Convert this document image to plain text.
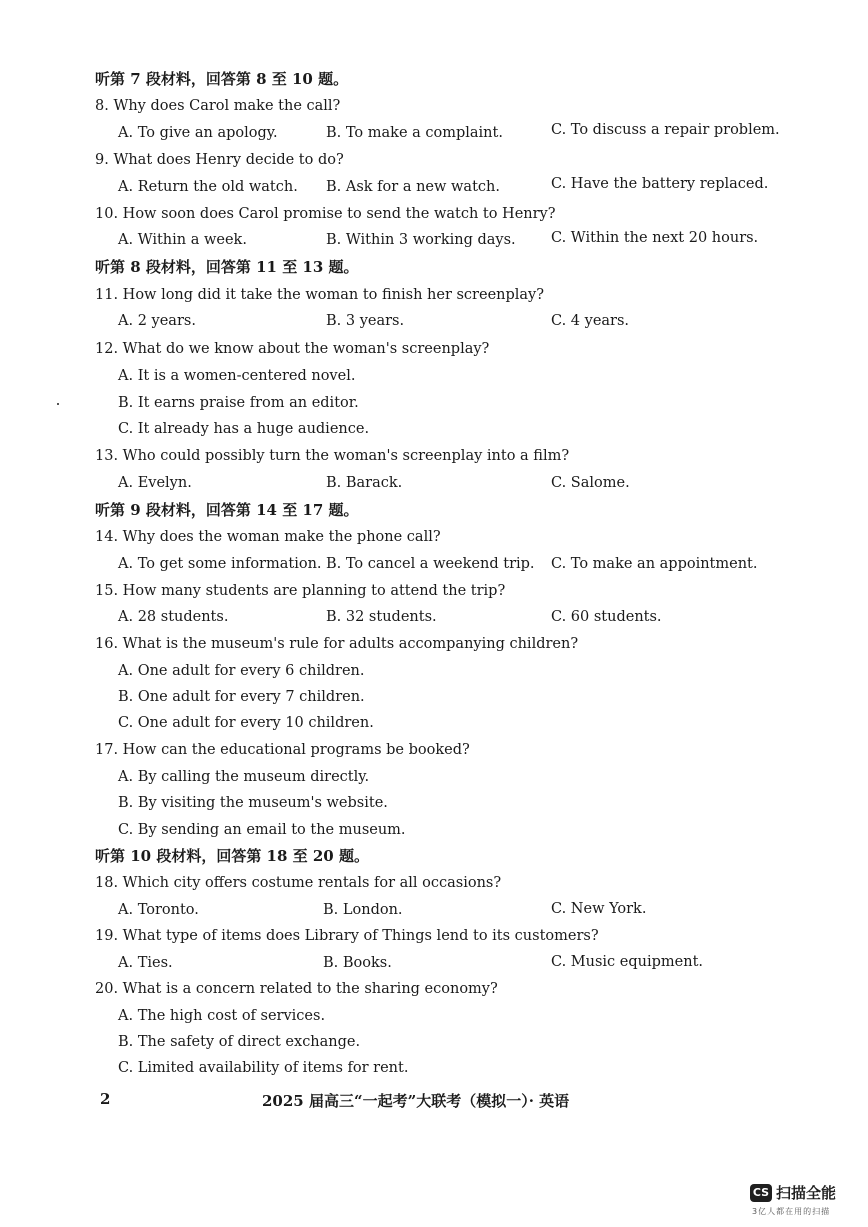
听第 7 段材料，回答第 8 至 10 题。
8. Why does Carol make the call?
A. To give an apology.	B. To make a complaint.	C. To discuss a repair problem.
9. What does Henry decide to do?
A. Return the old watch. B. Ask for a new watch.	C. Have the battery replaced.
10. How soon does Carol promise to send the watch to Henry?
A. Within a week.	B. Within 3 working days. C. Within the next 20 hours.
听第 8 段材料，回答第 11 至 13 题。
11. How long did it take the woman to finish her screenplay?
A. 2 years.	B. 3 years.	C. 4 years.
12. What do we know about the woman's screenplay?
A. It is a women-centered novel.
B. It earns praise from an editor.
C. It already has a huge audience.
13. Who could possibly turn the woman's screenplay into a film?
A. Evelyn.	B. Barack.	C. Salome.
听第 9 段材料，回答第 14 至 17 题。
14. Why does the woman make the phone call?
A. To get some information. B. To cancel a weekend trip. C. To make an appointment.
15. How many students are planning to attend the trip?
A. 28 students.	B. 32 students.	C. 60 students.
16. What is the museum's rule for adults accompanying children?
A. One adult for every 6 children.
B. One adult for every 7 children.
C. One adult for every 10 children.
17. How can the educational programs be booked?
A. By calling the museum directly.
B. By visiting the museum's website.
C. By sending an email to the museum.
听第 10 段材料，回答第 18 至 20 题。
18. Which city offers costume rentals for all occasions?
A. Toronto.	B. London.	C. New York.
19. What type of items does Library of Things lend to its customers?
A. Ties.	B. Books.	C. Music equipment.
20. What is a concern related to the sharing economy?
A. The high cost of services.
B. The safety of direct exchange.
C. Limited availability of items for rent.
2	2025 届高三“一起考”大联考（模拟一）· 英语
CS 扫描全能
3亿人都在用的扫描
